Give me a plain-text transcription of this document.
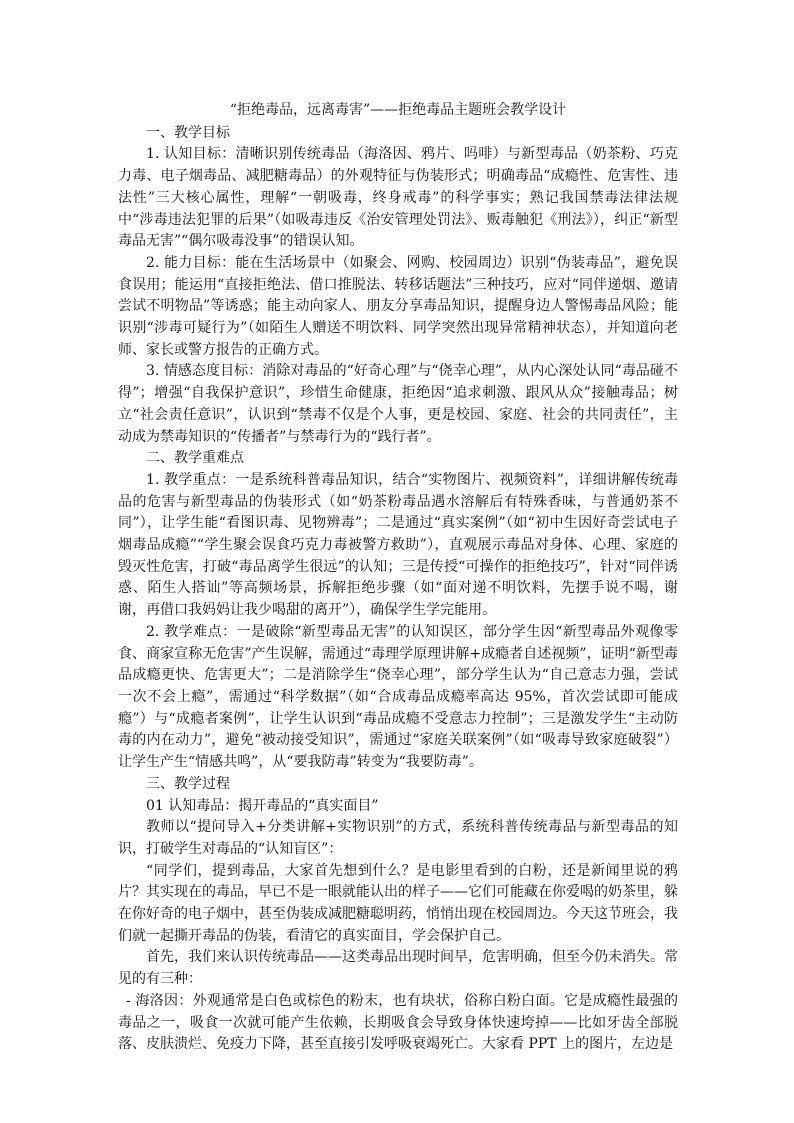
“拒绝毒品，远离毒害”——拒绝毒品主题班会教学设计

一、教学目标

1. 认知目标：清晰识别传统毒品（海洛因、鸦片、吗啡）与新型毒品（奶茶粉、巧克力毒、电子烟毒品、减肥糖毒品）的外观特征与伪装形式；明确毒品“成瘾性、危害性、违法性”三大核心属性，理解“一朝吸毒，终身戒毒”的科学事实；熟记我国禁毒法律法规中“涉毒违法犯罪的后果”（如吸毒违反《治安管理处罚法》、贩毒触犯《刑法》），纠正“新型毒品无害”“偶尔吸毒没事”的错误认知。

2. 能力目标：能在生活场景中（如聚会、网购、校园周边）识别“伪装毒品”，避免误食误用；能运用“直接拒绝法、借口推脱法、转移话题法”三种技巧，应对“同伴递烟、邀请尝试不明物品”等诱惑；能主动向家人、朋友分享毒品知识，提醒身边人警惕毒品风险；能识别“涉毒可疑行为”（如陌生人赠送不明饮料、同学突然出现异常精神状态），并知道向老师、家长或警方报告的正确方式。

3. 情感态度目标：消除对毒品的“好奇心理”与“侥幸心理”，从内心深处认同“毒品碰不得”；增强“自我保护意识”，珍惜生命健康，拒绝因“追求刺激、跟风从众”接触毒品；树立“社会责任意识”，认识到“禁毒不仅是个人事，更是校园、家庭、社会的共同责任”，主动成为禁毒知识的“传播者”与禁毒行为的“践行者”。

二、教学重难点

1. 教学重点：一是系统科普毒品知识，结合“实物图片、视频资料”，详细讲解传统毒品的危害与新型毒品的伪装形式（如“奶茶粉毒品遇水溶解后有特殊香味，与普通奶茶不同”），让学生能“看图识毒、见物辨毒”；二是通过“真实案例”（如“初中生因好奇尝试电子烟毒品成瘾”“学生聚会误食巧克力毒被警方救助”），直观展示毒品对身体、心理、家庭的毁灭性危害，打破“毒品离学生很远”的认知；三是传授“可操作的拒绝技巧”，针对“同伴诱惑、陌生人搭讪”等高频场景，拆解拒绝步骤（如“面对递不明饮料，先摆手说不喝，谢谢，再借口我妈妈让我少喝甜的离开”），确保学生学完能用。

2. 教学难点：一是破除“新型毒品无害”的认知误区，部分学生因“新型毒品外观像零食、商家宣称无危害”产生误解，需通过“毒理学原理讲解+成瘾者自述视频”，证明“新型毒品成瘾更快、危害更大”；二是消除学生“侥幸心理”，部分学生认为“自己意志力强，尝试一次不会上瘾”，需通过“科学数据”（如“合成毒品成瘾率高达 95%，首次尝试即可能成瘾”）与“成瘾者案例”，让学生认识到“毒品成瘾不受意志力控制”；三是激发学生“主动防毒的内在动力”，避免“被动接受知识”，需通过“家庭关联案例”（如“吸毒导致家庭破裂”）让学生产生“情感共鸣”，从“要我防毒”转变为“我要防毒”。

三、教学过程

01 认知毒品：揭开毒品的“真实面目”

教师以“提问导入+分类讲解+实物识别”的方式，系统科普传统毒品与新型毒品的知识，打破学生对毒品的“认知盲区”：

“同学们，提到毒品，大家首先想到什么？是电影里看到的白粉，还是新闻里说的鸦片？其实现在的毒品，早已不是一眼就能认出的样子——它们可能藏在你爱喝的奶茶里，躲在你好奇的电子烟中，甚至伪装成减肥糖聪明药，悄悄出现在校园周边。今天这节班会，我们就一起撕开毒品的伪装，看清它的真实面目，学会保护自己。

首先，我们来认识传统毒品——这类毒品出现时间早，危害明确，但至今仍未消失。常见的有三种：

- 海洛因：外观通常是白色或棕色的粉末，也有块状，俗称白粉白面。它是成瘾性最强的毒品之一，吸食一次就可能产生依赖，长期吸食会导致身体快速垮掉——比如牙齿全部脱落、皮肤溃烂、免疫力下降，甚至直接引发呼吸衰竭死亡。大家看 PPT 上的图片，左边是
